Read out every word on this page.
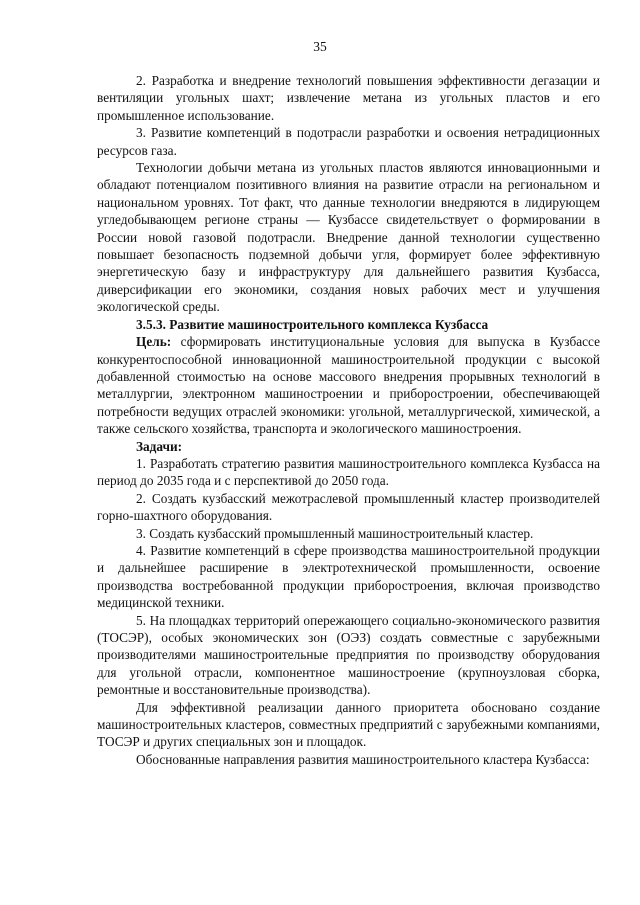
35

2. Разработка и внедрение технологий повышения эффективности дегазации и вентиляции угольных шахт; извлечение метана из угольных пластов и его промышленное использование.

3. Развитие компетенций в подотрасли разработки и освоения нетрадиционных ресурсов газа.

Технологии добычи метана из угольных пластов являются инновационными и обладают потенциалом позитивного влияния на развитие отрасли на региональном и национальном уровнях. Тот факт, что данные технологии внедряются в лидирующем угледобывающем регионе страны — Кузбассе свидетельствует о формировании в России новой газовой подотрасли. Внедрение данной технологии существенно повышает безопасность подземной добычи угля, формирует более эффективную энергетическую базу и инфраструктуру для дальнейшего развития Кузбасса, диверсификации его экономики, создания новых рабочих мест и улучшения экологической среды.

3.5.3. Развитие машиностроительного комплекса Кузбасса

Цель: сформировать институциональные условия для выпуска в Кузбассе конкурентоспособной инновационной машиностроительной продукции с высокой добавленной стоимостью на основе массового внедрения прорывных технологий в металлургии, электронном машиностроении и приборостроении, обеспечивающей потребности ведущих отраслей экономики: угольной, металлургической, химической, а также сельского хозяйства, транспорта и экологического машиностроения.

Задачи:

1. Разработать стратегию развития машиностроительного комплекса Кузбасса на период до 2035 года и с перспективой до 2050 года.

2. Создать кузбасский межотраслевой промышленный кластер производителей горно-шахтного оборудования.

3. Создать кузбасский промышленный машиностроительный кластер.

4. Развитие компетенций в сфере производства машиностроительной продукции и дальнейшее расширение в электротехнической промышленности, освоение производства востребованной продукции приборостроения, включая производство медицинской техники.

5. На площадках территорий опережающего социально-экономического развития (ТОСЭР), особых экономических зон (ОЭЗ) создать совместные с зарубежными производителями машиностроительные предприятия по производству оборудования для угольной отрасли, компонентное машиностроение (крупноузловая сборка, ремонтные и восстановительные производства).

Для эффективной реализации данного приоритета обосновано создание машиностроительных кластеров, совместных предприятий с зарубежными компаниями, ТОСЭР и других специальных зон и площадок.

Обоснованные направления развития машиностроительного кластера Кузбасса:
